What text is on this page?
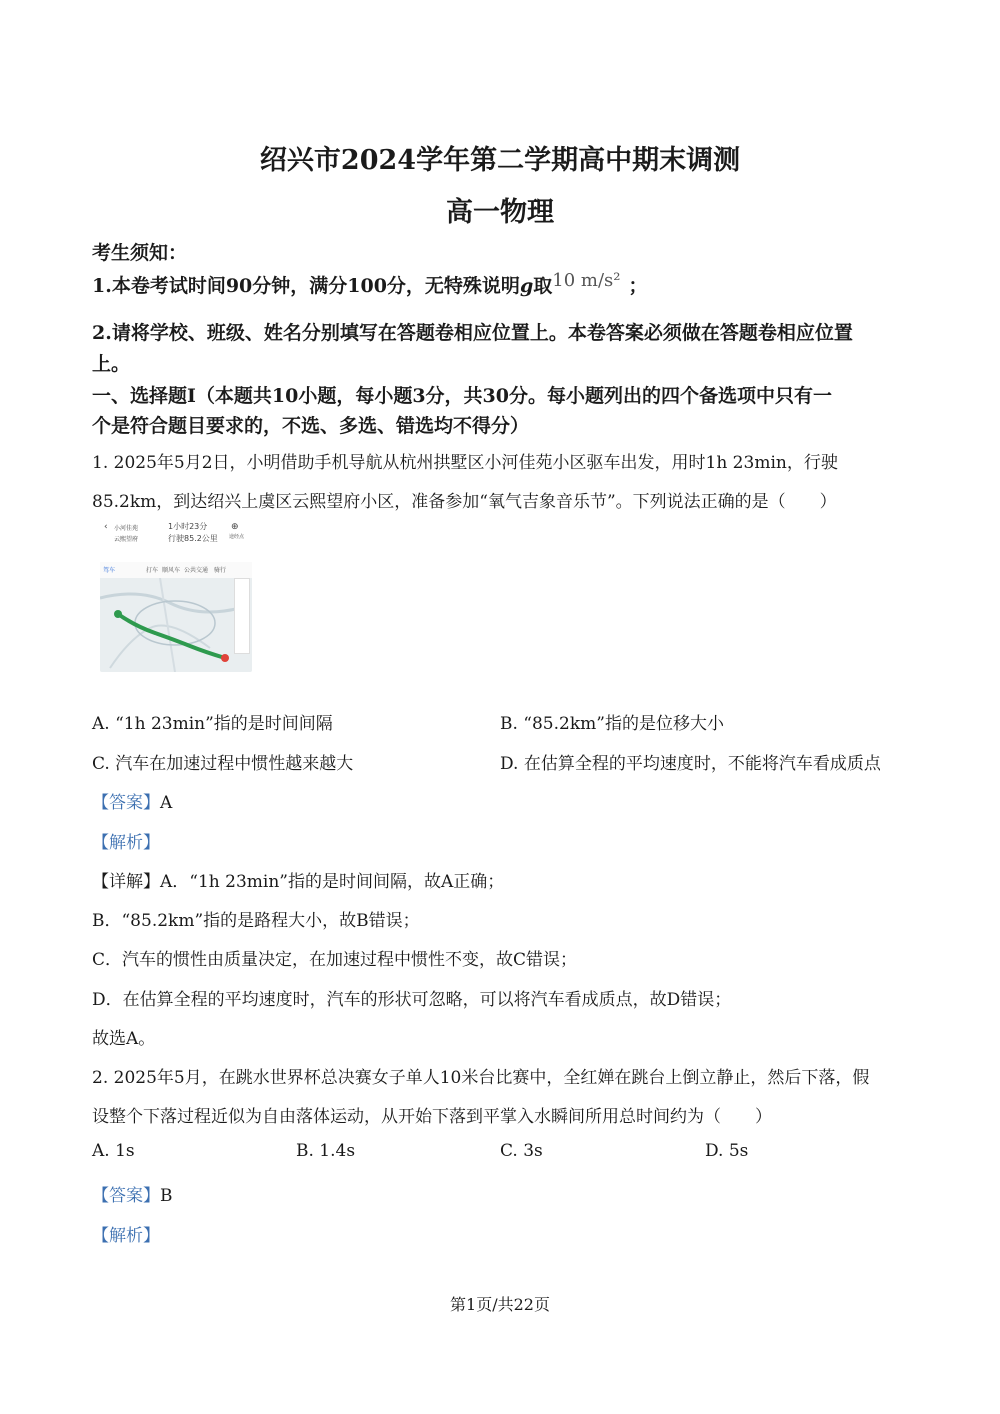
绍兴市2024学年第二学期高中期末调测
高一物理
考生须知：
1.本卷考试时间90分钟，满分100分，无特殊说明g取10 m/s² ；
2.请将学校、班级、姓名分别填写在答题卷相应位置上。本卷答案必须做在答题卷相应位置
上。
一、选择题Ⅰ（本题共10小题，每小题3分，共30分。每小题列出的四个备选项中只有一
个是符合题目要求的，不选、多选、错选均不得分）
1. 2025年5月2日，小明借助手机导航从杭州拱墅区小河佳苑小区驱车出发，用时1h 23min，行驶
85.2km，到达绍兴上虞区云熙望府小区，准备参加“氧气吉象音乐节”。下列说法正确的是（　　）
‹ 小河佳苑
云熙望府
1小时23分
行驶85.2公里
⊕
途经点
驾车	打车 顺风车 公共交通 骑行
A. “1h 23min”指的是时间间隔	B. “85.2km”指的是位移大小
C. 汽车在加速过程中惯性越来越大	D. 在估算全程的平均速度时，不能将汽车看成质点
【答案】A
【解析】
【详解】A．“1h 23min”指的是时间间隔，故A正确；
B．“85.2km”指的是路程大小，故B错误；
C．汽车的惯性由质量决定，在加速过程中惯性不变，故C错误；
D．在估算全程的平均速度时，汽车的形状可忽略，可以将汽车看成质点，故D错误；
故选A。
2. 2025年5月，在跳水世界杯总决赛女子单人10米台比赛中，全红婵在跳台上倒立静止，然后下落，假
设整个下落过程近似为自由落体运动，从开始下落到平掌入水瞬间所用总时间约为（　　）
A. 1s	B. 1.4s	C. 3s	D. 5s
【答案】B
【解析】
第1页/共22页
